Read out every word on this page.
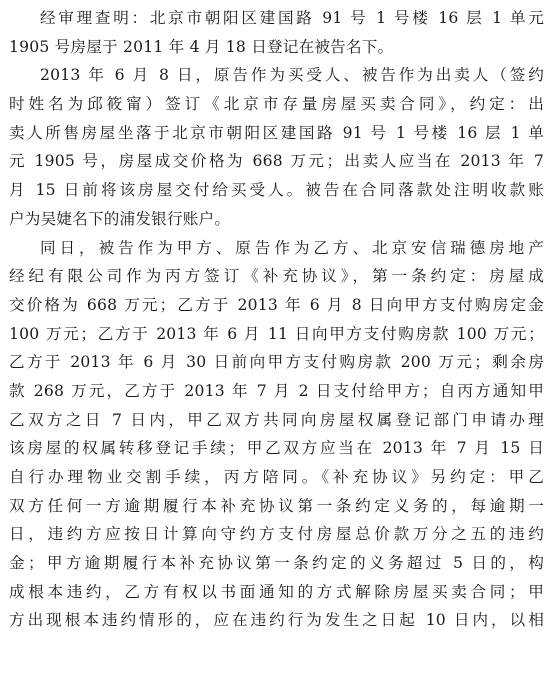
经审理查明：北京市朝阳区建国路 91 号 1 号楼 16 层 1 单元
1905 号房屋于 2011 年 4 月 18 日登记在被告名下。
2013 年 6 月 8 日，原告作为买受人、被告作为出卖人（签约
时姓名为邱筱甯）签订《北京市存量房屋买卖合同》，约定：出
卖人所售房屋坐落于北京市朝阳区建国路 91 号 1 号楼 16 层 1 单
元 1905 号，房屋成交价格为 668 万元；出卖人应当在 2013 年 7
月 15 日前将该房屋交付给买受人。被告在合同落款处注明收款账
户为吴婕名下的浦发银行账户。
同日，被告作为甲方、原告作为乙方、北京安信瑞德房地产
经纪有限公司作为丙方签订《补充协议》，第一条约定：房屋成
交价格为 668 万元；乙方于 2013 年 6 月 8 日向甲方支付购房定金
100 万元；乙方于 2013 年 6 月 11 日向甲方支付购房款 100 万元；
乙方于 2013 年 6 月 30 日前向甲方支付购房款 200 万元；剩余房
款 268 万元，乙方于 2013 年 7 月 2 日支付给甲方；自丙方通知甲
乙双方之日 7 日内，甲乙双方共同向房屋权属登记部门申请办理
该房屋的权属转移登记手续；甲乙双方应当在 2013 年 7 月 15 日
自行办理物业交割手续，丙方陪同。《补充协议》另约定：甲乙
双方任何一方逾期履行本补充协议第一条约定义务的，每逾期一
日，违约方应按日计算向守约方支付房屋总价款万分之五的违约
金；甲方逾期履行本补充协议第一条约定的义务超过 5 日的，构
成根本违约，乙方有权以书面通知的方式解除房屋买卖合同；甲
方出现根本违约情形的，应在违约行为发生之日起 10 日内，以相
